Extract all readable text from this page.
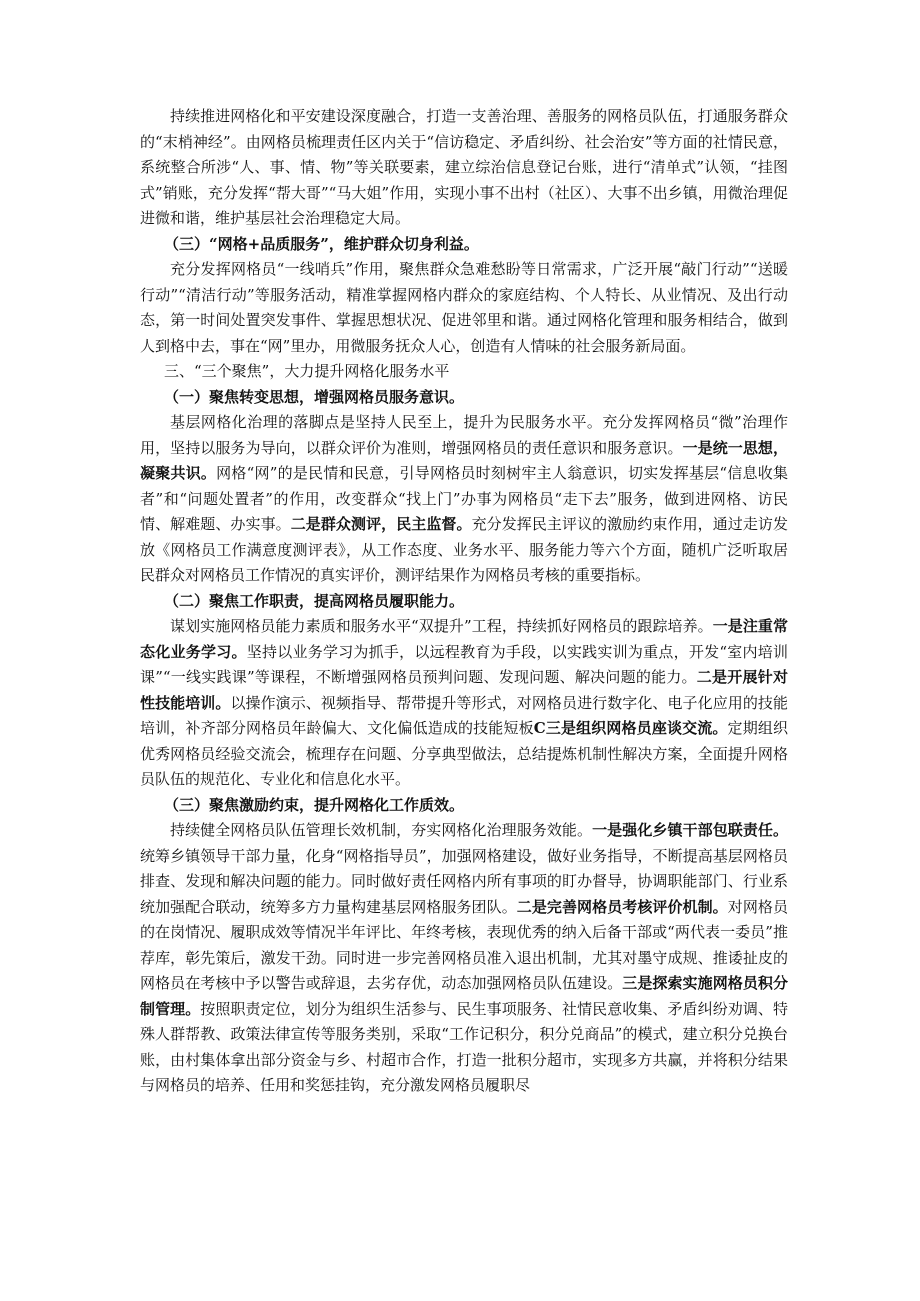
持续推进网格化和平安建设深度融合，打造一支善治理、善服务的网格员队伍，打通服务群众的“末梢神经”。由网格员梳理责任区内关于“信访稳定、矛盾纠纷、社会治安”等方面的社情民意，系统整合所涉“人、事、情、物”等关联要素，建立综治信息登记台账，进行“清单式”认领，“挂图式”销账，充分发挥“帮大哥”“马大姐”作用，实现小事不出村（社区）、大事不出乡镇，用微治理促进微和谐，维护基层社会治理稳定大局。

（三）“网格+品质服务”，维护群众切身利益。

充分发挥网格员“一线哨兵”作用，聚焦群众急难愁盼等日常需求，广泛开展“敲门行动”“送暖行动”“清洁行动”等服务活动，精准掌握网格内群众的家庭结构、个人特长、从业情况、及出行动态，第一时间处置突发事件、掌握思想状况、促进邻里和谐。通过网格化管理和服务相结合，做到人到格中去，事在“网”里办，用微服务抚众人心，创造有人情味的社会服务新局面。

三、“三个聚焦”，大力提升网格化服务水平

（一）聚焦转变思想，增强网格员服务意识。

基层网格化治理的落脚点是坚持人民至上，提升为民服务水平。充分发挥网格员“微”治理作用，坚持以服务为导向，以群众评价为准则，增强网格员的责任意识和服务意识。一是统一思想，凝聚共识。网格“网”的是民情和民意，引导网格员时刻树牢主人翁意识，切实发挥基层“信息收集者”和“问题处置者”的作用，改变群众“找上门”办事为网格员“走下去”服务，做到进网格、访民情、解难题、办实事。二是群众测评，民主监督。充分发挥民主评议的激励约束作用，通过走访发放《网格员工作满意度测评表》，从工作态度、业务水平、服务能力等六个方面，随机广泛听取居民群众对网格员工作情况的真实评价，测评结果作为网格员考核的重要指标。

（二）聚焦工作职责，提高网格员履职能力。

谋划实施网格员能力素质和服务水平“双提升”工程，持续抓好网格员的跟踪培养。一是注重常态化业务学习。坚持以业务学习为抓手，以远程教育为手段，以实践实训为重点，开发“室内培训课”“一线实践课”等课程，不断增强网格员预判问题、发现问题、解决问题的能力。二是开展针对性技能培训。以操作演示、视频指导、帮带提升等形式，对网格员进行数字化、电子化应用的技能培训，补齐部分网格员年龄偏大、文化偏低造成的技能短板C三是组织网格员座谈交流。定期组织优秀网格员经验交流会，梳理存在问题、分享典型做法，总结提炼机制性解决方案，全面提升网格员队伍的规范化、专业化和信息化水平。

（三）聚焦激励约束，提升网格化工作质效。

持续健全网格员队伍管理长效机制，夯实网格化治理服务效能。一是强化乡镇干部包联责任。统筹乡镇领导干部力量，化身“网格指导员”，加强网格建设，做好业务指导，不断提高基层网格员排查、发现和解决问题的能力。同时做好责任网格内所有事项的盯办督导，协调职能部门、行业系统加强配合联动，统筹多方力量构建基层网格服务团队。二是完善网格员考核评价机制。对网格员的在岗情况、履职成效等情况半年评比、年终考核，表现优秀的纳入后备干部或“两代表一委员”推荐库，彰先策后，激发干劲。同时进一步完善网格员准入退出机制，尤其对墨守成规、推诿扯皮的网格员在考核中予以警告或辞退，去劣存优，动态加强网格员队伍建设。三是探索实施网格员积分制管理。按照职责定位，划分为组织生活参与、民生事项服务、社情民意收集、矛盾纠纷劝调、特殊人群帮教、政策法律宣传等服务类别，采取“工作记积分，积分兑商品”的模式，建立积分兑换台账，由村集体拿出部分资金与乡、村超市合作，打造一批积分超市，实现多方共赢，并将积分结果与网格员的培养、任用和奖惩挂钩，充分激发网格员履职尽
